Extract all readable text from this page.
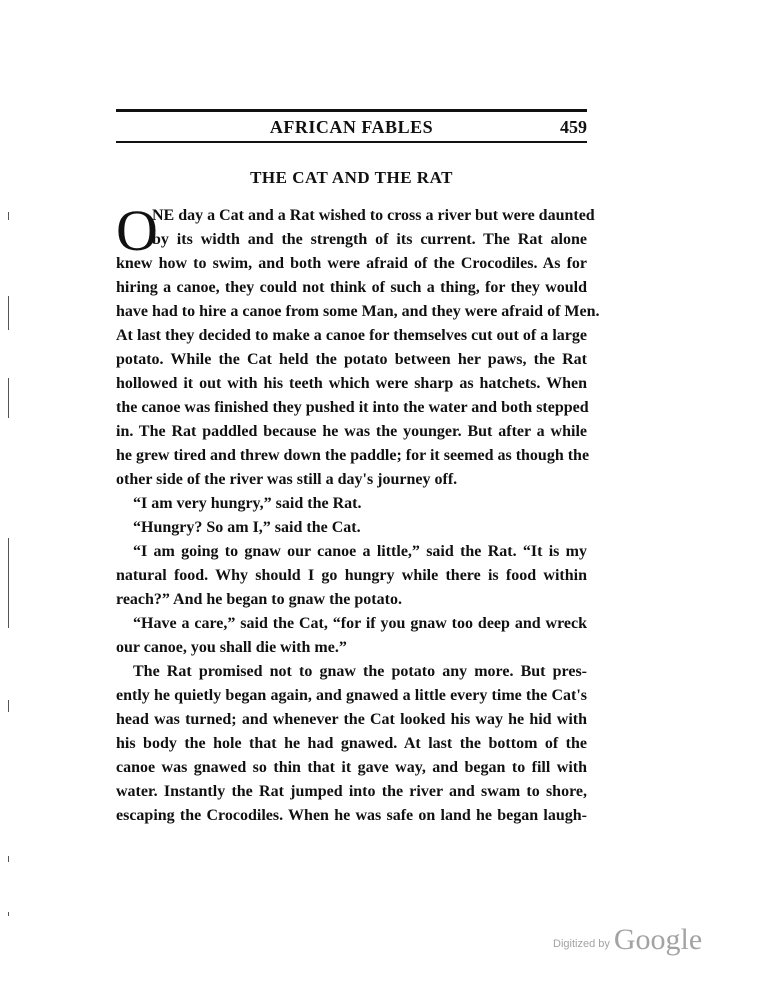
AFRICAN FABLES	459
THE CAT AND THE RAT
O
NE day a Cat and a Rat wished to cross a river but were daunted
by its width and the strength of its current. The Rat alone
knew how to swim, and both were afraid of the Crocodiles. As for
hiring a canoe, they could not think of such a thing, for they would
have had to hire a canoe from some Man, and they were afraid of Men.
At last they decided to make a canoe for themselves cut out of a large
potato. While the Cat held the potato between her paws, the Rat
hollowed it out with his teeth which were sharp as hatchets. When
the canoe was finished they pushed it into the water and both stepped
in. The Rat paddled because he was the younger. But after a while
he grew tired and threw down the paddle; for it seemed as though the
other side of the river was still a day's journey off.
“I am very hungry,” said the Rat.
“Hungry? So am I,” said the Cat.
“I am going to gnaw our canoe a little,” said the Rat. “It is my
natural food. Why should I go hungry while there is food within
reach?” And he began to gnaw the potato.
“Have a care,” said the Cat, “for if you gnaw too deep and wreck
our canoe, you shall die with me.”
The Rat promised not to gnaw the potato any more. But pres-
ently he quietly began again, and gnawed a little every time the Cat's
head was turned; and whenever the Cat looked his way he hid with
his body the hole that he had gnawed. At last the bottom of the
canoe was gnawed so thin that it gave way, and began to fill with
water. Instantly the Rat jumped into the river and swam to shore,
escaping the Crocodiles. When he was safe on land he began laugh-
Digitized by Google
